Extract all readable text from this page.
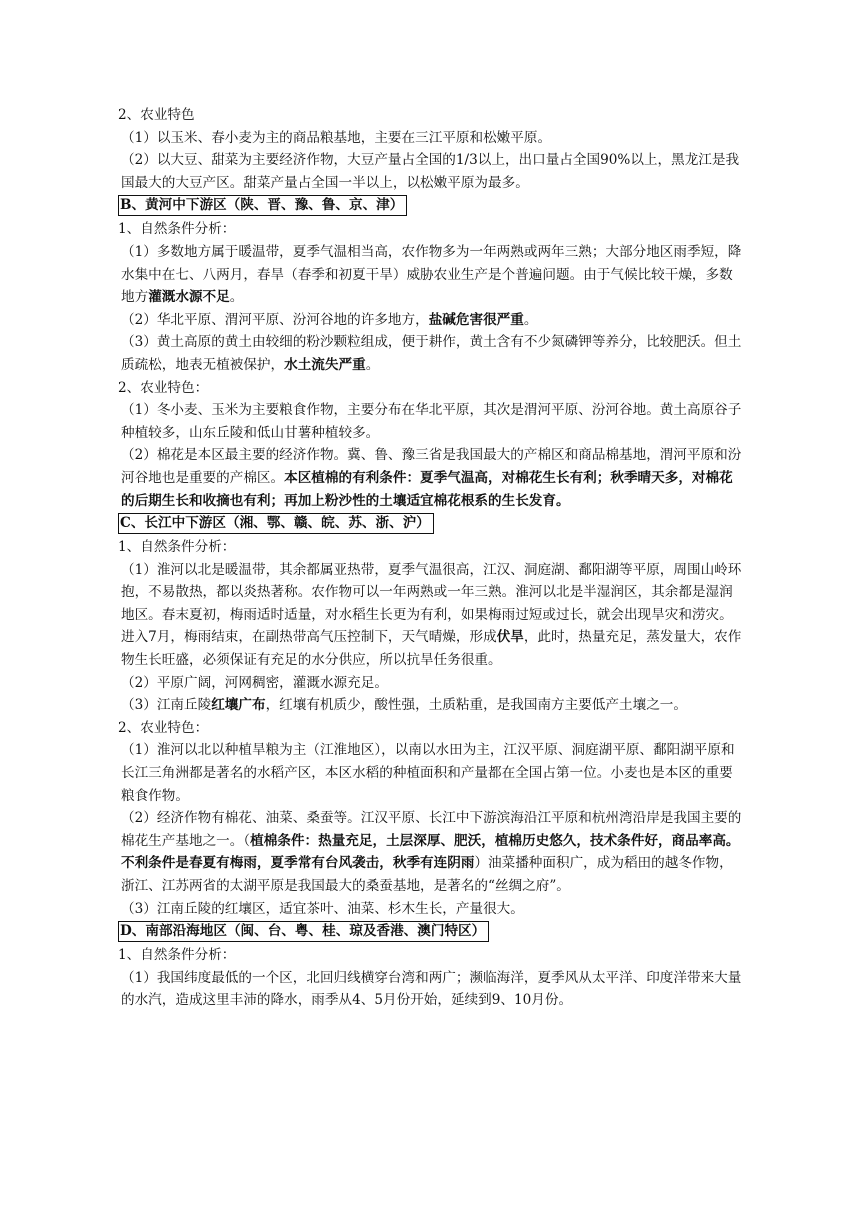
2、农业特色

（1）以玉米、春小麦为主的商品粮基地，主要在三江平原和松嫩平原。

（2）以大豆、甜菜为主要经济作物，大豆产量占全国的1/3以上，出口量占全国90%以上，黑龙江是我国最大的大豆产区。甜菜产量占全国一半以上，以松嫩平原为最多。

B、黄河中下游区（陕、晋、豫、鲁、京、津）

1、自然条件分析：

（1）多数地方属于暖温带，夏季气温相当高，农作物多为一年两熟或两年三熟；大部分地区雨季短，降水集中在七、八两月，春旱（春季和初夏干旱）威胁农业生产是个普遍问题。由于气候比较干燥，多数地方灌溉水源不足。

（2）华北平原、渭河平原、汾河谷地的许多地方，盐碱危害很严重。

（3）黄土高原的黄土由较细的粉沙颗粒组成，便于耕作，黄土含有不少氮磷钾等养分，比较肥沃。但土质疏松，地表无植被保护，水土流失严重。

2、农业特色：

（1）冬小麦、玉米为主要粮食作物，主要分布在华北平原，其次是渭河平原、汾河谷地。黄土高原谷子种植较多，山东丘陵和低山甘薯种植较多。

（2）棉花是本区最主要的经济作物。冀、鲁、豫三省是我国最大的产棉区和商品棉基地，渭河平原和汾河谷地也是重要的产棉区。本区植棉的有利条件：夏季气温高，对棉花生长有利；秋季晴天多，对棉花的后期生长和收摘也有利；再加上粉沙性的土壤适宜棉花根系的生长发育。

C、长江中下游区（湘、鄂、赣、皖、苏、浙、沪）

1、自然条件分析：

（1）淮河以北是暖温带，其余都属亚热带，夏季气温很高，江汉、洞庭湖、鄱阳湖等平原，周围山岭环抱，不易散热，都以炎热著称。农作物可以一年两熟或一年三熟。淮河以北是半湿润区，其余都是湿润地区。春末夏初，梅雨适时适量，对水稻生长更为有利，如果梅雨过短或过长，就会出现旱灾和涝灾。进入7月，梅雨结束，在副热带高气压控制下，天气晴燥，形成伏旱，此时，热量充足，蒸发量大，农作物生长旺盛，必须保证有充足的水分供应，所以抗旱任务很重。

（2）平原广阔，河网稠密，灌溉水源充足。

（3）江南丘陵红壤广布，红壤有机质少，酸性强，土质粘重，是我国南方主要低产土壤之一。

2、农业特色：

（1）淮河以北以种植旱粮为主（江淮地区），以南以水田为主，江汉平原、洞庭湖平原、鄱阳湖平原和长江三角洲都是著名的水稻产区，本区水稻的种植面积和产量都在全国占第一位。小麦也是本区的重要粮食作物。

（2）经济作物有棉花、油菜、桑蚕等。江汉平原、长江中下游滨海沿江平原和杭州湾沿岸是我国主要的棉花生产基地之一。（植棉条件：热量充足，土层深厚、肥沃，植棉历史悠久，技术条件好，商品率高。不利条件是春夏有梅雨，夏季常有台风袭击，秋季有连阴雨）油菜播种面积广，成为稻田的越冬作物，浙江、江苏两省的太湖平原是我国最大的桑蚕基地，是著名的“丝绸之府”。

（3）江南丘陵的红壤区，适宜茶叶、油菜、杉木生长，产量很大。

D、南部沿海地区（闽、台、粤、桂、琼及香港、澳门特区）

1、自然条件分析：

（1）我国纬度最低的一个区，北回归线横穿台湾和两广；濒临海洋，夏季风从太平洋、印度洋带来大量的水汽，造成这里丰沛的降水，雨季从4、5月份开始，延续到9、10月份。
